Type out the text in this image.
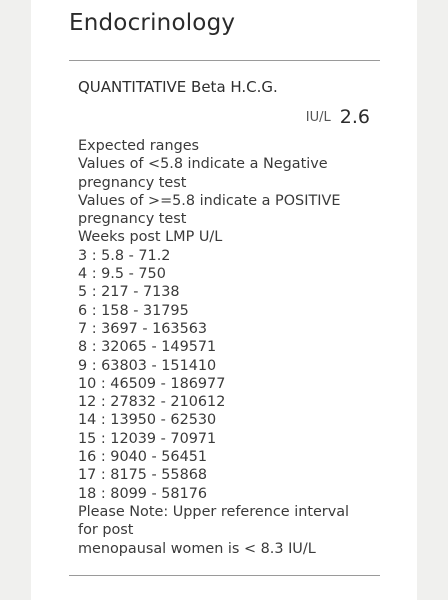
Endocrinology
QUANTITATIVE Beta H.C.G.
IU/L 2.6
Expected ranges
Values of <5.8 indicate a Negative pregnancy test
Values of >=5.8 indicate a POSITIVE pregnancy test
Weeks post LMP U/L
3 : 5.8 - 71.2
4 : 9.5 - 750
5 : 217 - 7138
6 : 158 - 31795
7 : 3697 - 163563
8 : 32065 - 149571
9 : 63803 - 151410
10 : 46509 - 186977
12 : 27832 - 210612
14 : 13950 - 62530
15 : 12039 - 70971
16 : 9040 - 56451
17 : 8175 - 55868
18 : 8099 - 58176
Please Note: Upper reference interval for post
menopausal women is < 8.3 IU/L
